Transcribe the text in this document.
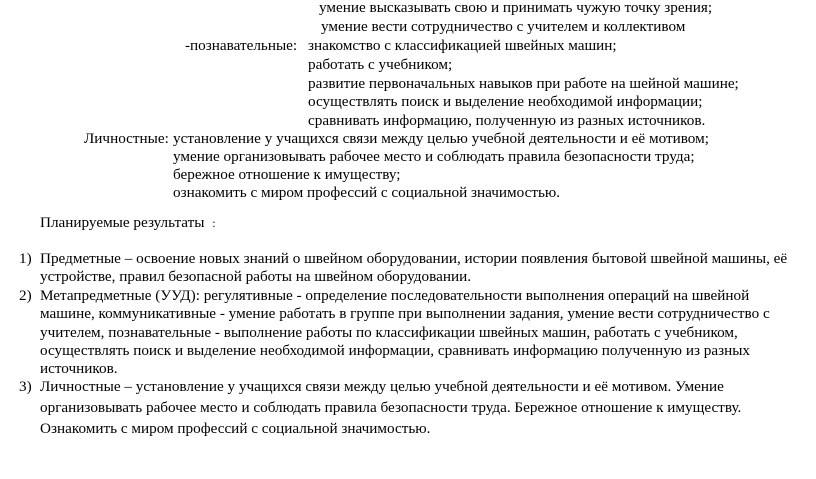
умение высказывать свою и принимать чужую точку зрения;
умение вести сотрудничество с учителем и коллективом
-познавательные: знакомство с классификацией швейных машин;
работать с учебником;
развитие первоначальных навыков при работе на шейной машине;
осуществлять поиск и выделение необходимой информации;
сравнивать информацию, полученную из разных источников.
Личностные: установление у учащихся связи между целью учебной деятельности и её мотивом;
умение организовывать рабочее место и соблюдать правила безопасности труда;
бережное отношение к имуществу;
ознакомить с миром профессий с социальной значимостью.
Планируемые результаты :
1) Предметные – освоение новых знаний о швейном оборудовании, истории появления бытовой швейной машины, её
устройстве, правил безопасной работы на швейном оборудовании.
2) Метапредметные (УУД): регулятивные - определение последовательности выполнения операций на швейной
машине, коммуникативные - умение работать в группе при выполнении задания, умение вести сотрудничество с
учителем, познавательные - выполнение работы по классификации швейных машин, работать с учебником,
осуществлять поиск и выделение необходимой информации, сравнивать информацию полученную из разных
источников.
3) Личностные – установление у учащихся связи между целью учебной деятельности и её мотивом. Умение
организовывать рабочее место и соблюдать правила безопасности труда. Бережное отношение к имуществу.
Ознакомить с миром профессий с социальной значимостью.
